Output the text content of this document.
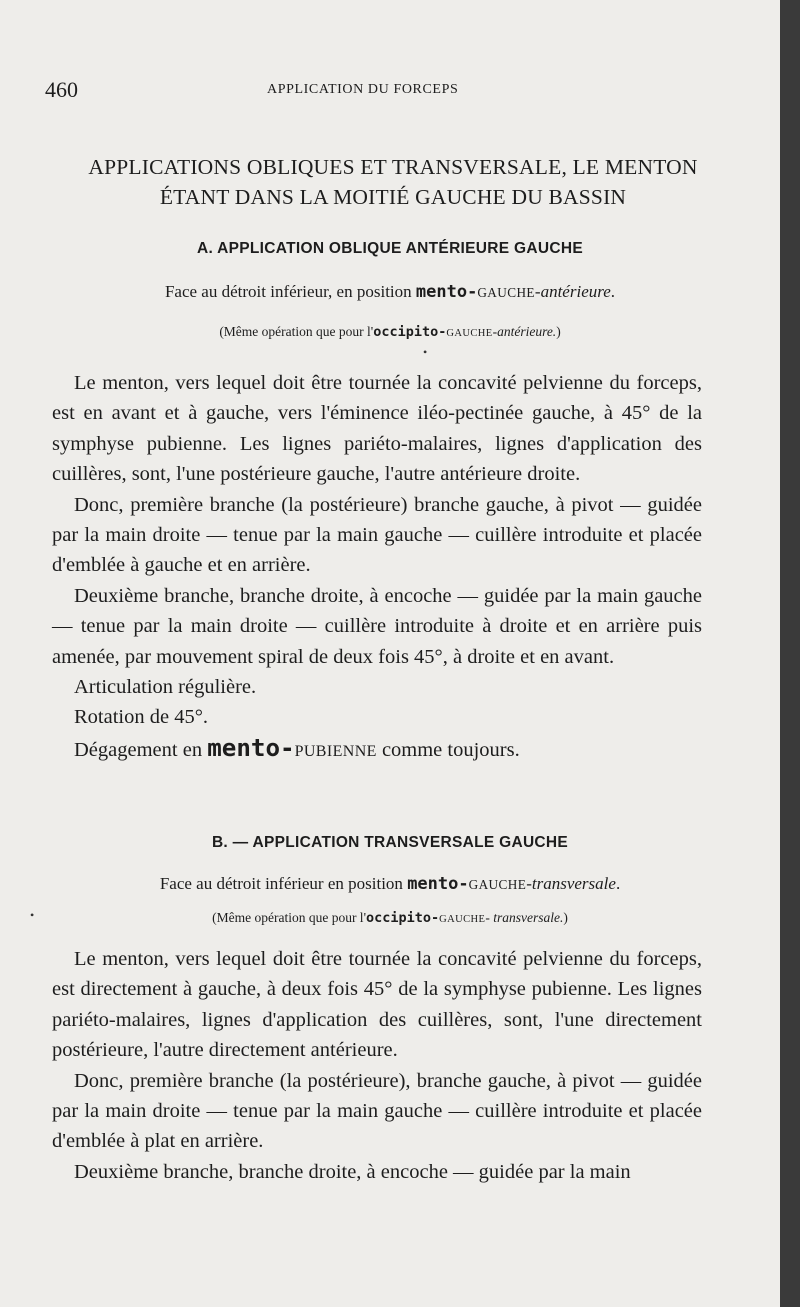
460	APPLICATION DU FORCEPS
APPLICATIONS OBLIQUES ET TRANSVERSALE, LE MENTON
ÉTANT DANS LA MOITIÉ GAUCHE DU BASSIN
A. APPLICATION OBLIQUE ANTÉRIEURE GAUCHE
Face au détroit inférieur, en position mento-GAUCHE-antérieure.
(Même opération que pour l'occipito-GAUCHE-antérieure.)
•

Le menton, vers lequel doit être tournée la concavité pelvienne du forceps, est en avant et à gauche, vers l'éminence iléo-pectinée gauche, à 45° de la symphyse pubienne. Les lignes pariéto-malaires, lignes d'application des cuillères, sont, l'une postérieure gauche, l'autre antérieure droite.

Donc, première branche (la postérieure) branche gauche, à pivot — guidée par la main droite — tenue par la main gauche — cuillère introduite et placée d'emblée à gauche et en arrière.

Deuxième branche, branche droite, à encoche — guidée par la main gauche — tenue par la main droite — cuillère introduite à droite et en arrière puis amenée, par mouvement spiral de deux fois 45°, à droite et en avant.

Articulation régulière.

Rotation de 45°.

Dégagement en mento-PUBIENNE comme toujours.

B. — APPLICATION TRANSVERSALE GAUCHE
Face au détroit inférieur en position mento-GAUCHE-transversale.
(Même opération que pour l'occipito-GAUCHE- transversale.)
•

Le menton, vers lequel doit être tournée la concavité pelvienne du forceps, est directement à gauche, à deux fois 45° de la symphyse pubienne. Les lignes pariéto-malaires, lignes d'application des cuillères, sont, l'une directement postérieure, l'autre directement antérieure.

Donc, première branche (la postérieure), branche gauche, à pivot — guidée par la main droite — tenue par la main gauche — cuillère introduite et placée d'emblée à plat en arrière.

Deuxième branche, branche droite, à encoche — guidée par la main
